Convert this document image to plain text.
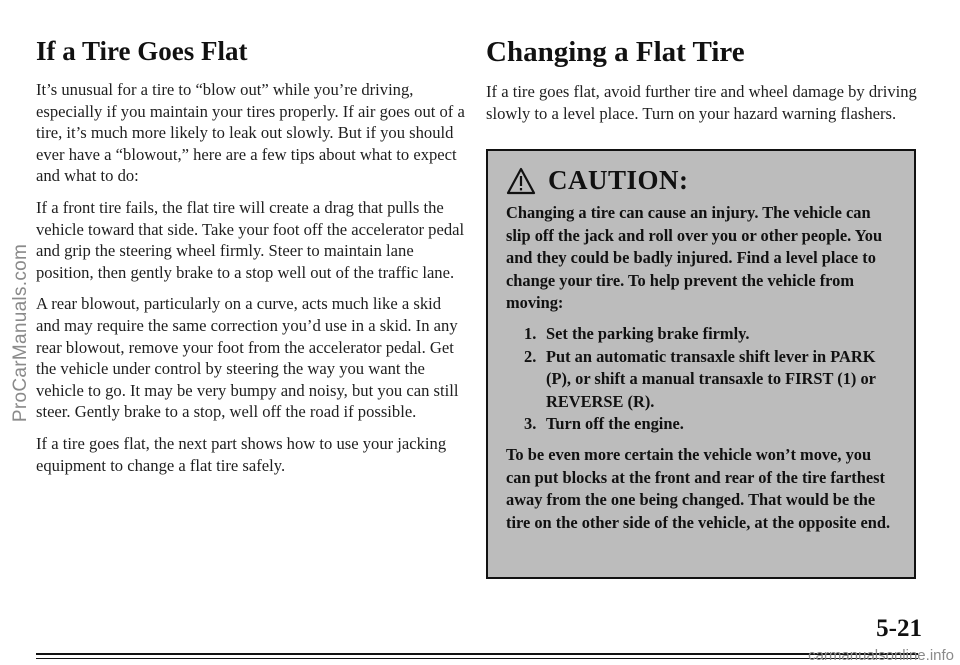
ProCarManuals.com
If a Tire Goes Flat

It’s unusual for a tire to “blow out” while you’re driving, especially if you maintain your tires properly. If air goes out of a tire, it’s much more likely to leak out slowly. But if you should ever have a “blowout,” here are a few tips about what to expect and what to do:

If a front tire fails, the flat tire will create a drag that pulls the vehicle toward that side. Take your foot off the accelerator pedal and grip the steering wheel firmly. Steer to maintain lane position, then gently brake to a stop well out of the traffic lane.

A rear blowout, particularly on a curve, acts much like a skid and may require the same correction you’d use in a skid. In any rear blowout, remove your foot from the accelerator pedal. Get the vehicle under control by steering the way you want the vehicle to go. It may be very bumpy and noisy, but you can still steer. Gently brake to a stop, well off the road if possible.

If a tire goes flat, the next part shows how to use your jacking equipment to change a flat tire safely.

Changing a Flat Tire

If a tire goes flat, avoid further tire and wheel damage by driving slowly to a level place. Turn on your hazard warning flashers.

CAUTION:

Changing a tire can cause an injury. The vehicle can slip off the jack and roll over you or other people. You and they could be badly injured. Find a level place to change your tire. To help prevent the vehicle from moving:

1. Set the parking brake firmly.
2. Put an automatic transaxle shift lever in PARK (P), or shift a manual transaxle to FIRST (1) or REVERSE (R).
3. Turn off the engine.

To be even more certain the vehicle won’t move, you can put blocks at the front and rear of the tire farthest away from the one being changed. That would be the tire on the other side of the vehicle, at the opposite end.

5-21
carmanualsonline.info
